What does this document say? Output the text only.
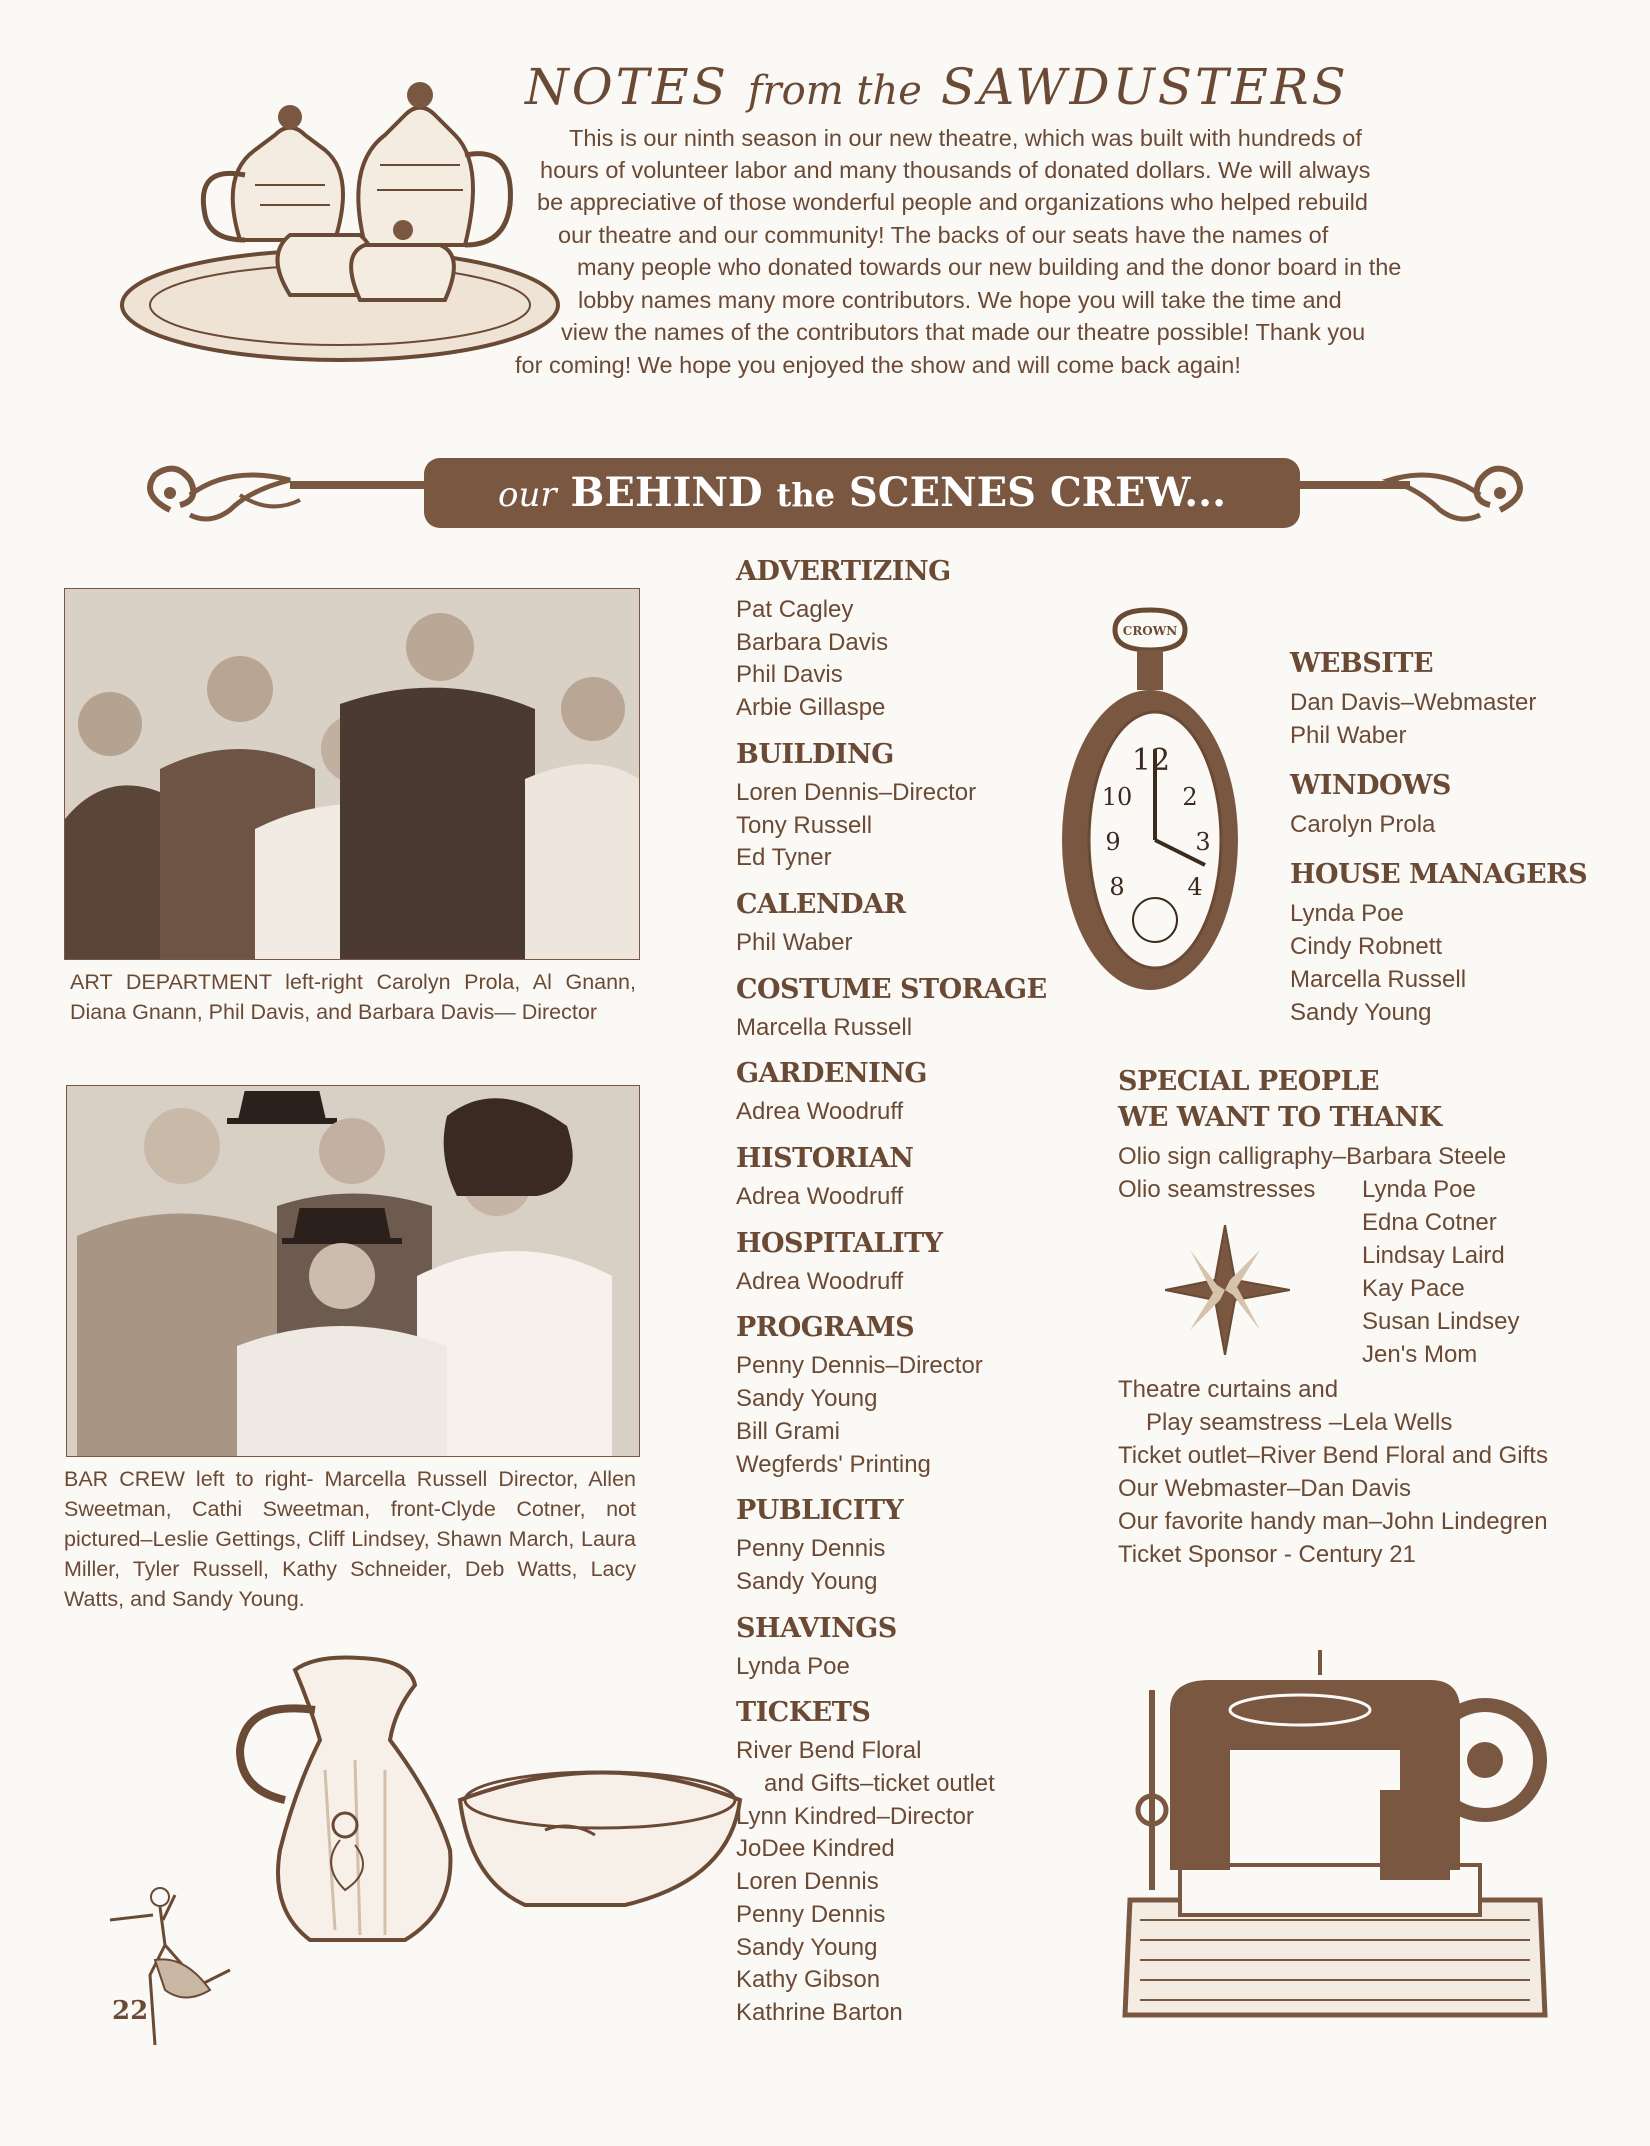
NOTES from the SAWDUSTERS
This is our ninth season in our new theatre, which was built with hundreds of
hours of volunteer labor and many thousands of donated dollars. We will always
be appreciative of those wonderful people and organizations who helped rebuild
our theatre and our community! The backs of our seats have the names of
many people who donated towards our new building and the donor board in the
lobby names many more contributors. We hope you will take the time and
view the names of the contributors that made our theatre possible! Thank you
for coming! We hope you enjoyed the show and will come back again!
our BEHIND the SCENES CREW...
ART DEPARTMENT left-right Carolyn Prola, Al Gnann, Diana Gnann, Phil Davis, and Barbara Davis— Director
BAR CREW left to right- Marcella Russell Director, Allen Sweetman, Cathi Sweetman, front-Clyde Cotner, not pictured–Leslie Gettings, Cliff Lindsey, Shawn March, Laura Miller, Tyler Russell, Kathy Schneider, Deb Watts, Lacy Watts, and Sandy Young.
22
ADVERTIZING
Pat Cagley
Barbara Davis
Phil Davis
Arbie Gillaspe
BUILDING
Loren Dennis–Director
Tony Russell
Ed Tyner
CALENDAR
Phil Waber
COSTUME STORAGE
Marcella Russell
GARDENING
Adrea Woodruff
HISTORIAN
Adrea Woodruff
HOSPITALITY
Adrea Woodruff
PROGRAMS
Penny Dennis–Director
Sandy Young
Bill Grami
Wegferds' Printing
PUBLICITY
Penny Dennis
Sandy Young
SHAVINGS
Lynda Poe
TICKETS
River Bend Floral
and Gifts–ticket outlet
Lynn Kindred–Director
JoDee Kindred
Loren Dennis
Penny Dennis
Sandy Young
Kathy Gibson
Kathrine Barton
CROWN
12
2
3
4
10
9
8
WEBSITE
Dan Davis–Webmaster
Phil Waber
WINDOWS
Carolyn Prola
HOUSE MANAGERS
Lynda Poe
Cindy Robnett
Marcella Russell
Sandy Young
SPECIAL PEOPLE
WE WANT TO THANK
Olio sign calligraphy–Barbara Steele
Olio seamstresses Lynda Poe
Edna Cotner
Lindsay Laird
Kay Pace
Susan Lindsey
Jen's Mom
Theatre curtains and
Play seamstress –Lela Wells
Ticket outlet–River Bend Floral and Gifts
Our Webmaster–Dan Davis
Our favorite handy man–John Lindegren
Ticket Sponsor - Century 21
